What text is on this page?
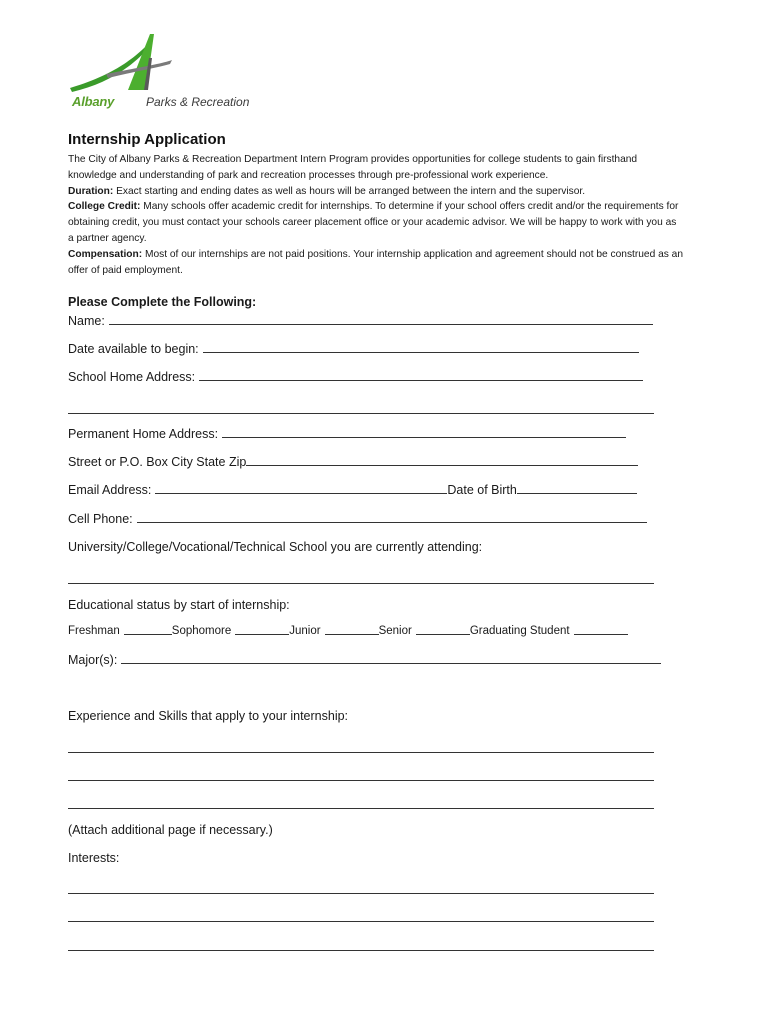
Albany	Parks & Recreation
Internship Application

The City of Albany Parks & Recreation Department Intern Program provides opportunities for college students to gain firsthand knowledge and understanding of park and recreation processes through pre-professional work experience.

Duration: Exact starting and ending dates as well as hours will be arranged between the intern and the supervisor.

College Credit: Many schools offer academic credit for internships. To determine if your school offers credit and/or the requirements for obtaining credit, you must contact your schools career placement office or your academic advisor. We will be happy to work with you as a partner agency.

Compensation: Most of our internships are not paid positions. Your internship application and agreement should not be construed as an offer of paid employment.

Please Complete the Following:
Name:
Date available to begin:
School Home Address:
Permanent Home Address:
Street or P.O. Box City State Zip
Email Address:	Date of Birth
Cell Phone:
University/College/Vocational/Technical School you are currently attending:
Educational status by start of internship:
Freshman	Sophomore	Junior	Senior	Graduating Student
Major(s):
Experience and Skills that apply to your internship:
(Attach additional page if necessary.)
Interests:
